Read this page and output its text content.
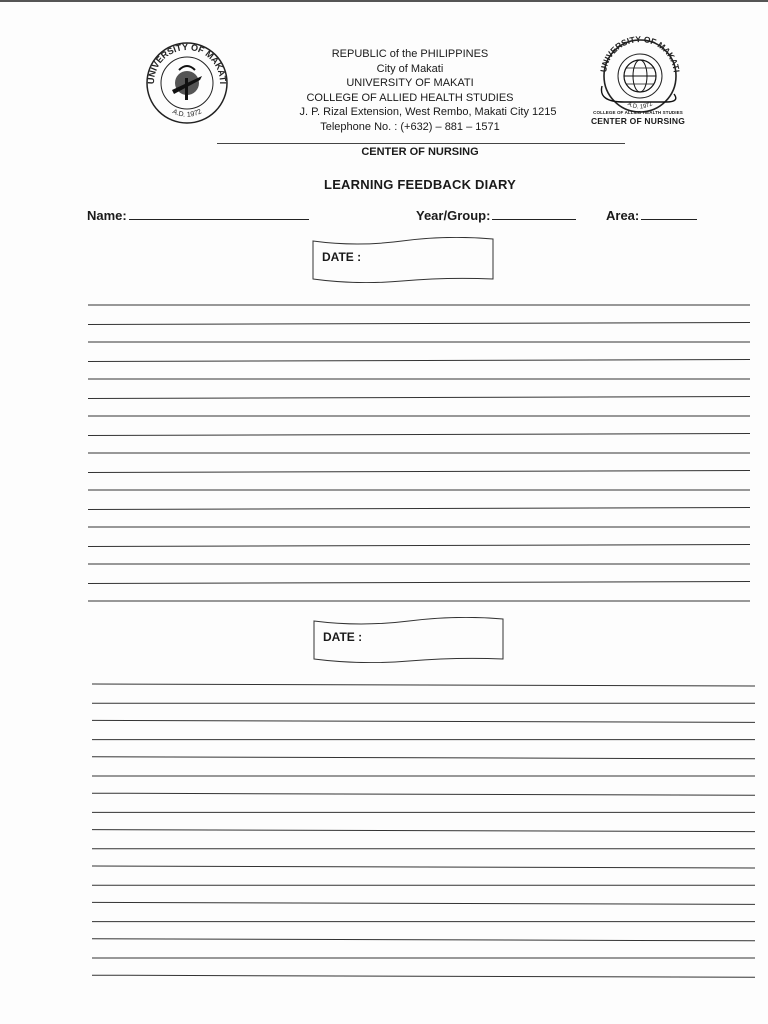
UNIVERSITY OF MAKATI
A.D. 1972
REPUBLIC of the PHILIPPINES
City of Makati
UNIVERSITY OF MAKATI
COLLEGE OF ALLIED HEALTH STUDIES
J. P. Rizal Extension, West Rembo, Makati City 1215
Telephone No. : (+632) – 881 – 1571
UNIVERSITY OF MAKATI
A.D. 1972
COLLEGE OF ALLIED HEALTH STUDIES
CENTER OF NURSING
CENTER OF NURSING
LEARNING FEEDBACK DIARY
Name:	Year/Group:	Area:
DATE :
DATE :
